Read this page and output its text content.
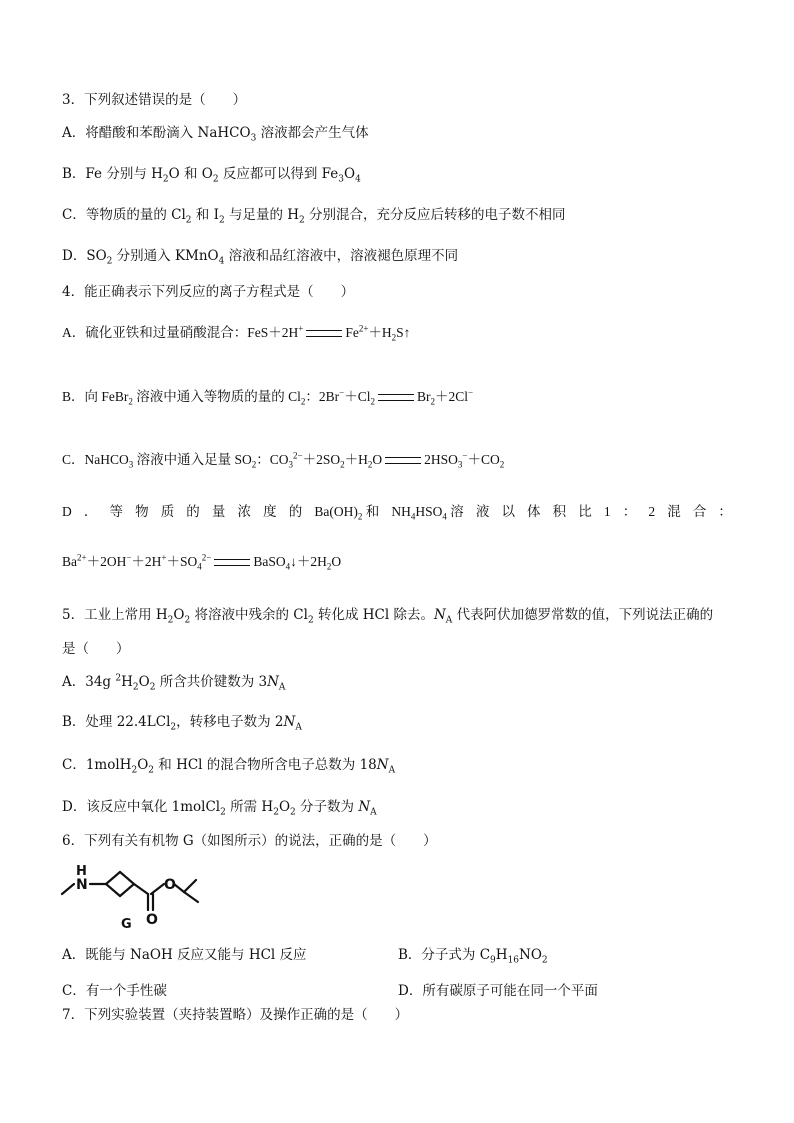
3．下列叙述错误的是（　　）
A．将醋酸和苯酚滴入 NaHCO$_3$ 溶液都会产生气体
B．Fe 分别与 $H_2O$ 和 $O_2$ 反应都可以得到 $Fe_3O_4$
C．等物质的量的 $Cl_2$ 和 $I_2$ 与足量的 $H_2$ 分别混合，充分反应后转移的电子数不相同
D．$SO_2$ 分别通入 KMnO$_4$ 溶液和品红溶液中，溶液褪色原理不同
4．能正确表示下列反应的离子方程式是（　　）
A．硫化亚铁和过量硝酸混合：FeS＋2H+	$Fe^{2+}+H_2S↑$
B．向 FeBr$_2$ 溶液中通入等物质的量的 $Cl_2$：$2Br^-+Cl_2$	$Br_2+2Cl^-$
C．NaHCO$_3$ 溶液中通入足量 $SO_2$：$CO_3^{2-}+2SO_2+H_2O$	$2HSO_3^-+CO_2$
D ． 等 物 质 的 量 浓 度 的 $Ba(OH)_2$ 和 $NH_4HSO_4$ 溶 液 以 体 积 比 1 ： 2 混 合 ：
$Ba^{2+}+2OH^-+2H^++SO_4^{2-}$	$BaSO_4↓+2H_2O$
5．工业上常用 $H_2O_2$ 将溶液中残余的 $Cl_2$ 转化成 HCl 除去。$N_A$ 代表阿伏加德罗常数的值，下列说法正确的
是（　　）
A．34g $^2H_2O_2$ 所含共价键数为 $3N_A$
B．处理 22.4LCl$_2$，转移电子数为 $2N_A$
C．$1molH_2O_2$ 和 HCl 的混合物所含电子总数为 $18N_A$
D．该反应中氧化 1molCl$_2$ 所需 $H_2O_2$ 分子数为 $N_A$
6．下列有关有机物 G（如图所示）的说法，正确的是（　　）
N
H
O
O
G
A．既能与 NaOH 反应又能与 HCl 反应	B．分子式为 $C_9H_{16}NO_2$
C．有一个手性碳	D．所有碳原子可能在同一个平面
7．下列实验装置（夹持装置略）及操作正确的是（　　）
